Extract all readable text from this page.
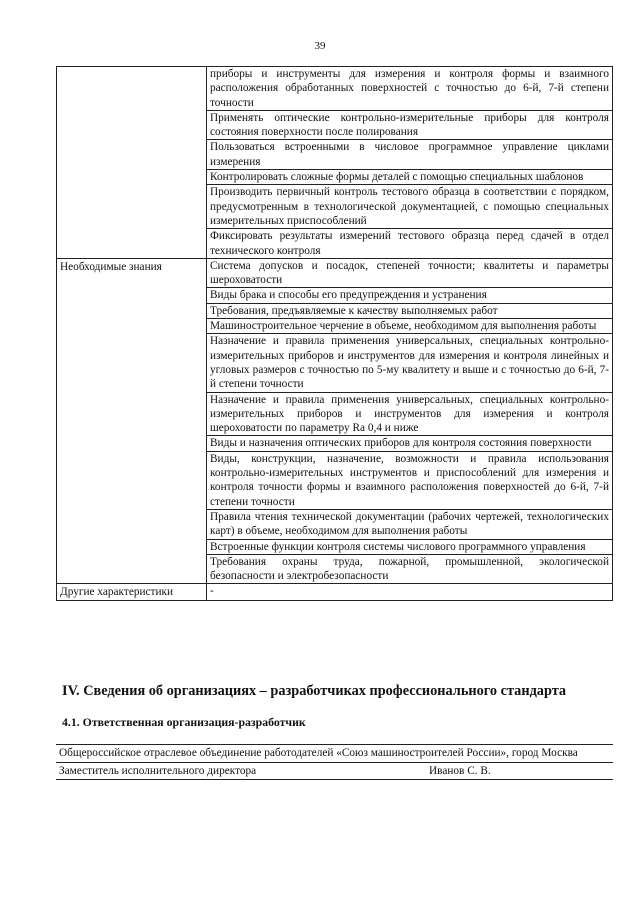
39
	приборы и инструменты для измерения и контроля формы и взаимного расположения обработанных поверхностей с точностью до 6-й, 7-й степени точности
	Применять оптические контрольно-измерительные приборы для контроля состояния поверхности после полирования
	Пользоваться встроенными в числовое программное управление циклами измерения
	Контролировать сложные формы деталей с помощью специальных шаблонов
	Производить первичный контроль тестового образца в соответствии с порядком, предусмотренным в технологической документацией, с помощью специальных измерительных приспособлений
	Фиксировать результаты измерений тестового образца перед сдачей в отдел технического контроля
Необходимые знания	Система допусков и посадок, степеней точности; квалитеты и параметры шероховатости
	Виды брака и способы его предупреждения и устранения
	Требования, предъявляемые к качеству выполняемых работ
	Машиностроительное черчение в объеме, необходимом для выполнения работы
	Назначение и правила применения универсальных, специальных контрольно-измерительных приборов и инструментов для измерения и контроля линейных и угловых размеров с точностью по 5-му квалитету и выше и с точностью до 6-й, 7-й степени точности
	Назначение и правила применения универсальных, специальных контрольно-измерительных приборов и инструментов для измерения и контроля шероховатости по параметру Ra 0,4 и ниже
	Виды и назначения оптических приборов для контроля состояния поверхности
	Виды, конструкции, назначение, возможности и правила использования контрольно-измерительных инструментов и приспособлений для измерения и контроля точности формы и взаимного расположения поверхностей до 6-й, 7-й степени точности
	Правила чтения технической документации (рабочих чертежей, технологических карт) в объеме, необходимом для выполнения работы
	Встроенные функции контроля системы числового программного управления
	Требования охраны труда, пожарной, промышленной, экологической безопасности и электробезопасности
Другие характеристики	-
IV. Сведения об организациях – разработчиках профессионального стандарта
4.1. Ответственная организация-разработчик
Общероссийское отраслевое объединение работодателей «Союз машиностроителей России», город Москва
Заместитель исполнительного директора	Иванов С. В.
